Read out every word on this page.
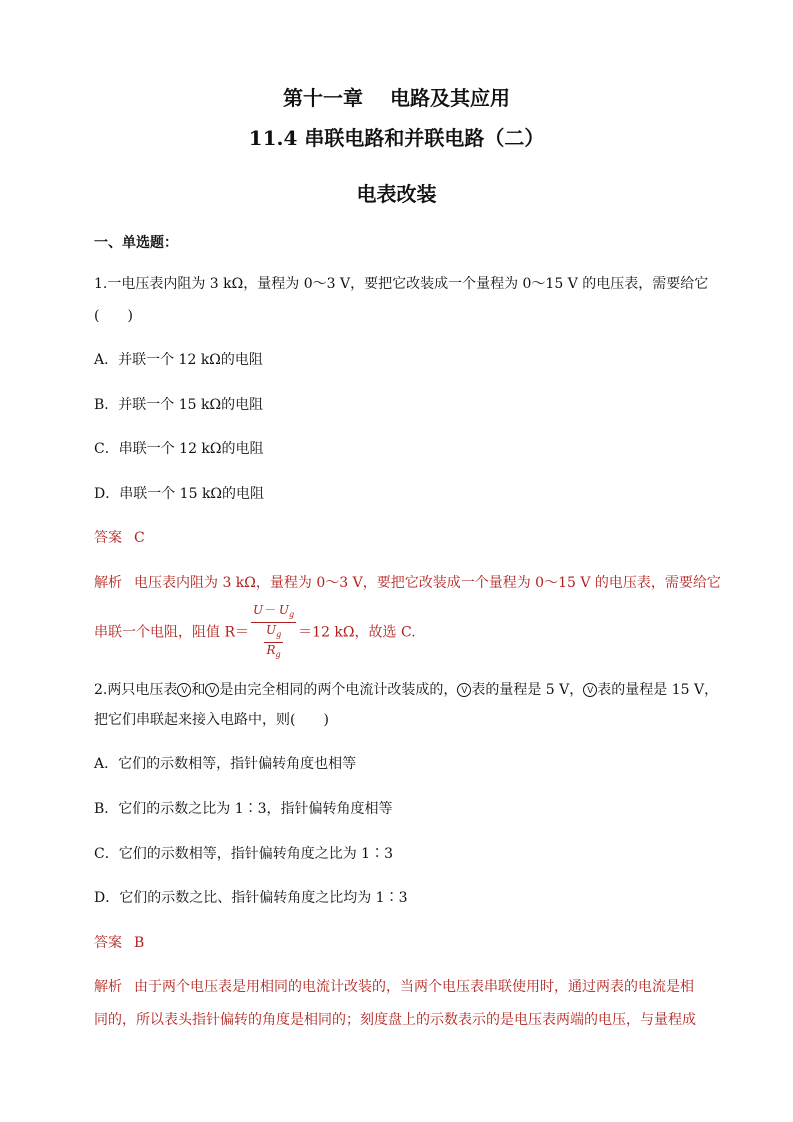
第十一章　 电路及其应用
11.4 串联电路和并联电路（二）
电表改装
一、单选题：
1.一电压表内阻为 3 kΩ，量程为 0～3 V，要把它改装成一个量程为 0～15 V 的电压表，需要给它
(　　)
A．并联一个 12 kΩ的电阻
B．并联一个 15 kΩ的电阻
C．串联一个 12 kΩ的电阻
D．串联一个 15 kΩ的电阻
答案 C
解析 电压表内阻为 3 kΩ，量程为 0～3 V，要把它改装成一个量程为 0～15 V 的电压表，需要给它
串联一个电阻，阻值 $R= U- U_g$
$U_g$
$R_g =12$ kΩ，故选 C.
2.两只电压表 V 和 V 是由完全相同的两个电流计改装成的， V 表的量程是 5 V， V 表的量程是 15 V，
把它们串联起来接入电路中，则(　　)
A．它们的示数相等，指针偏转角度也相等
B．它们的示数之比为 1∶3，指针偏转角度相等
C．它们的示数相等，指针偏转角度之比为 1∶3
D．它们的示数之比、指针偏转角度之比均为 1∶3
答案 B
解析 由于两个电压表是用相同的电流计改装的，当两个电压表串联使用时，通过两表的电流是相
同的，所以表头指针偏转的角度是相同的；刻度盘上的示数表示的是电压表两端的电压，与量程成
